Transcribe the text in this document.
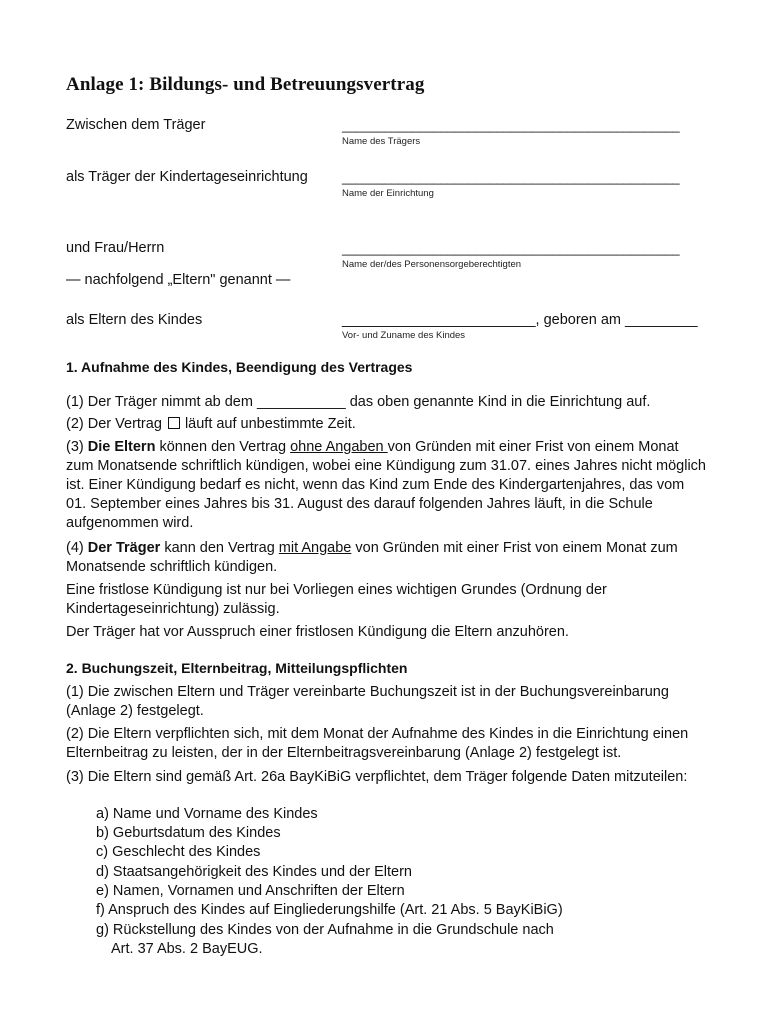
Anlage 1: Bildungs- und Betreuungsvertrag
Zwischen dem Träger	________________________________________________
Name des Trägers
als Träger der Kindertageseinrichtung	________________________________________________
Name der Einrichtung
und Frau/Herrn	________________________________________________
Name der/des Personensorgeberechtigten
— nachfolgend „Eltern" genannt —
als Eltern des Kindes	________________________, geboren am _________
Vor- und Zuname des Kindes
1. Aufnahme des Kindes, Beendigung des Vertrages
(1) Der Träger nimmt ab dem ___________ das oben genannte Kind in die Einrichtung auf.
(2) Der Vertrag läuft auf unbestimmte Zeit.
(3) Die Eltern können den Vertrag ohne Angaben von Gründen mit einer Frist von einem Monat zum Monatsende schriftlich kündigen, wobei eine Kündigung zum 31.07. eines Jahres nicht möglich ist. Einer Kündigung bedarf es nicht, wenn das Kind zum Ende des Kindergartenjahres, das vom 01. September eines Jahres bis 31. August des darauf folgenden Jahres läuft, in die Schule aufgenommen wird.
(4) Der Träger kann den Vertrag mit Angabe von Gründen mit einer Frist von einem Monat zum Monatsende schriftlich kündigen.
Eine fristlose Kündigung ist nur bei Vorliegen eines wichtigen Grundes (Ordnung der Kindertageseinrichtung) zulässig.
Der Träger hat vor Ausspruch einer fristlosen Kündigung die Eltern anzuhören.
2. Buchungszeit, Elternbeitrag, Mitteilungspflichten
(1) Die zwischen Eltern und Träger vereinbarte Buchungszeit ist in der Buchungsvereinbarung (Anlage 2) festgelegt.
(2) Die Eltern verpflichten sich, mit dem Monat der Aufnahme des Kindes in die Einrichtung einen Elternbeitrag zu leisten, der in der Elternbeitragsvereinbarung (Anlage 2) festgelegt ist.
(3) Die Eltern sind gemäß Art. 26a BayKiBiG verpflichtet, dem Träger folgende Daten mitzuteilen:
a) Name und Vorname des Kindes
b) Geburtsdatum des Kindes
c) Geschlecht des Kindes
d) Staatsangehörigkeit des Kindes und der Eltern
e) Namen, Vornamen und Anschriften der Eltern
f) Anspruch des Kindes auf Eingliederungshilfe (Art. 21 Abs. 5 BayKiBiG)
g) Rückstellung des Kindes von der Aufnahme in die Grundschule nach
Art. 37 Abs. 2 BayEUG.
